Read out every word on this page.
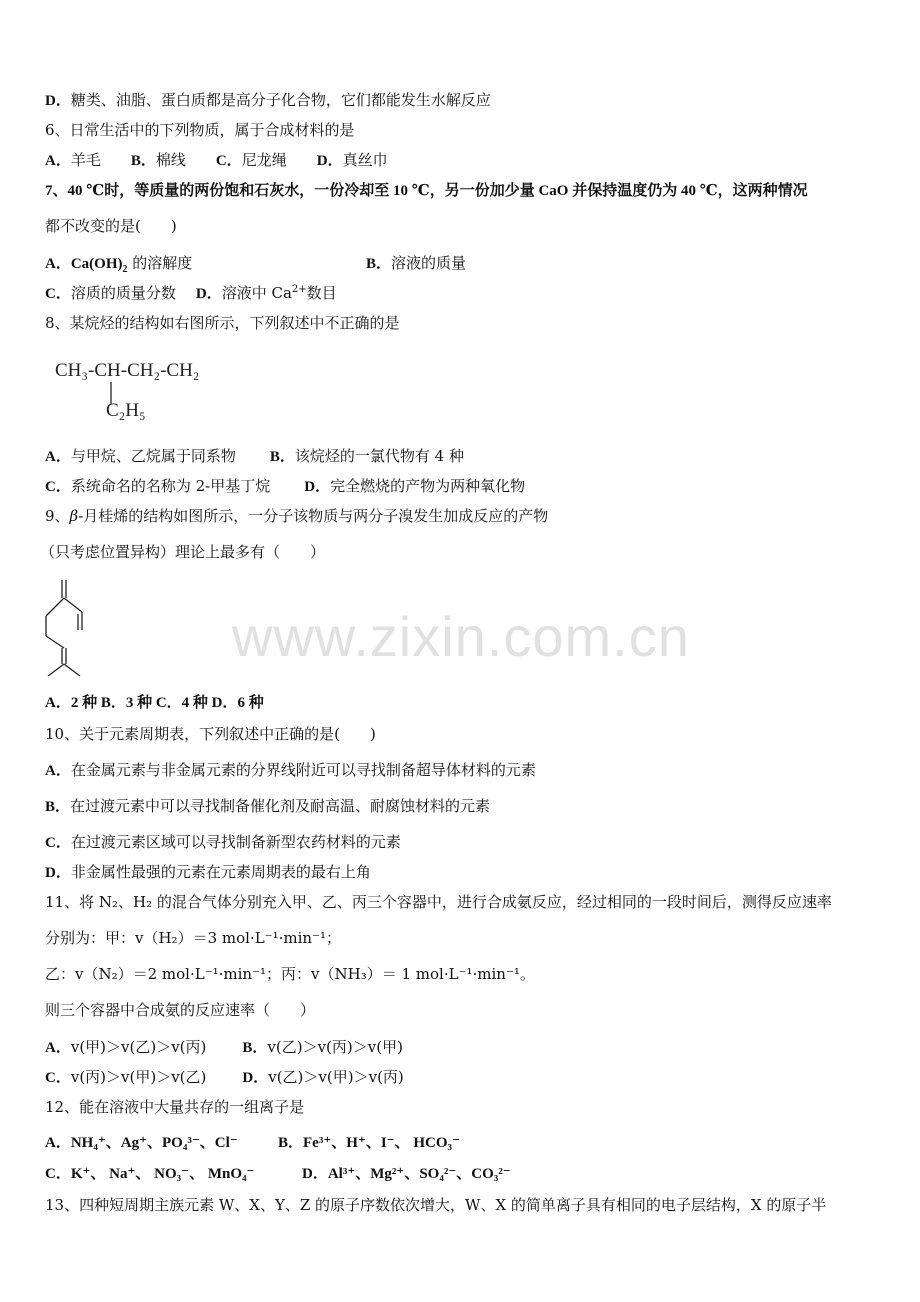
www.zixin.com.cn
D．糖类、油脂、蛋白质都是高分子化合物，它们都能发生水解反应
6、日常生活中的下列物质，属于合成材料的是
A．羊毛 B．棉线 C．尼龙绳 D．真丝巾
7、40 ℃时，等质量的两份饱和石灰水，一份冷却至 10 ℃，另一份加少量 CaO 并保持温度仍为 40 ℃，这两种情况
都不改变的是(　　)
A．$Ca(OH)_2$ 的溶解度	B．溶液的质量
C．溶质的质量分数 D．溶液中 $Ca^{2+}$数目
8、某烷烃的结构如右图所示，下列叙述中不正确的是
CH₃-CH-CH₂-CH₂
C₂H₅
A．与甲烷、乙烷属于同系物 B．该烷烃的一氯代物有 4 种
C．系统命名的名称为 2-甲基丁烷 D．完全燃烧的产物为两种氧化物
9、β-月桂烯的结构如图所示，一分子该物质与两分子溴发生加成反应的产物
（只考虑位置异构）理论上最多有（　　）
A．2 种 B．3 种 C．4 种 D．6 种
10、关于元素周期表，下列叙述中正确的是(　　)
A．在金属元素与非金属元素的分界线附近可以寻找制备超导体材料的元素
B．在过渡元素中可以寻找制备催化剂及耐高温、耐腐蚀材料的元素
C．在过渡元素区域可以寻找制备新型农药材料的元素
D．非金属性最强的元素在元素周期表的最右上角
11、将 N₂、H₂ 的混合气体分别充入甲、乙、丙三个容器中，进行合成氨反应，经过相同的一段时间后，测得反应速率
分别为：甲：v（H₂）＝3 mol·L⁻¹·min⁻¹；
乙：v（N₂）＝2 mol·L⁻¹·min⁻¹；丙：v（NH₃）＝ 1 mol·L⁻¹·min⁻¹。
则三个容器中合成氨的反应速率（　　）
A．v(甲)＞v(乙)＞v(丙) B．v(乙)＞v(丙)＞v(甲)
C．v(丙)＞v(甲)＞v(乙) D．v(乙)＞v(甲)＞v(丙)
12、能在溶液中大量共存的一组离子是
A．NH₄⁺、Ag⁺、PO₄³⁻、Cl⁻	B．Fe³⁺、H⁺、I⁻、 HCO₃⁻
C．K⁺、 Na⁺、 NO₃⁻、 MnO₄⁻	D．Al³⁺、Mg²⁺、SO₄²⁻、CO₃²⁻
13、四种短周期主族元素 W、X、Y、Z 的原子序数依次增大，W、X 的简单离子具有相同的电子层结构，X 的原子半
